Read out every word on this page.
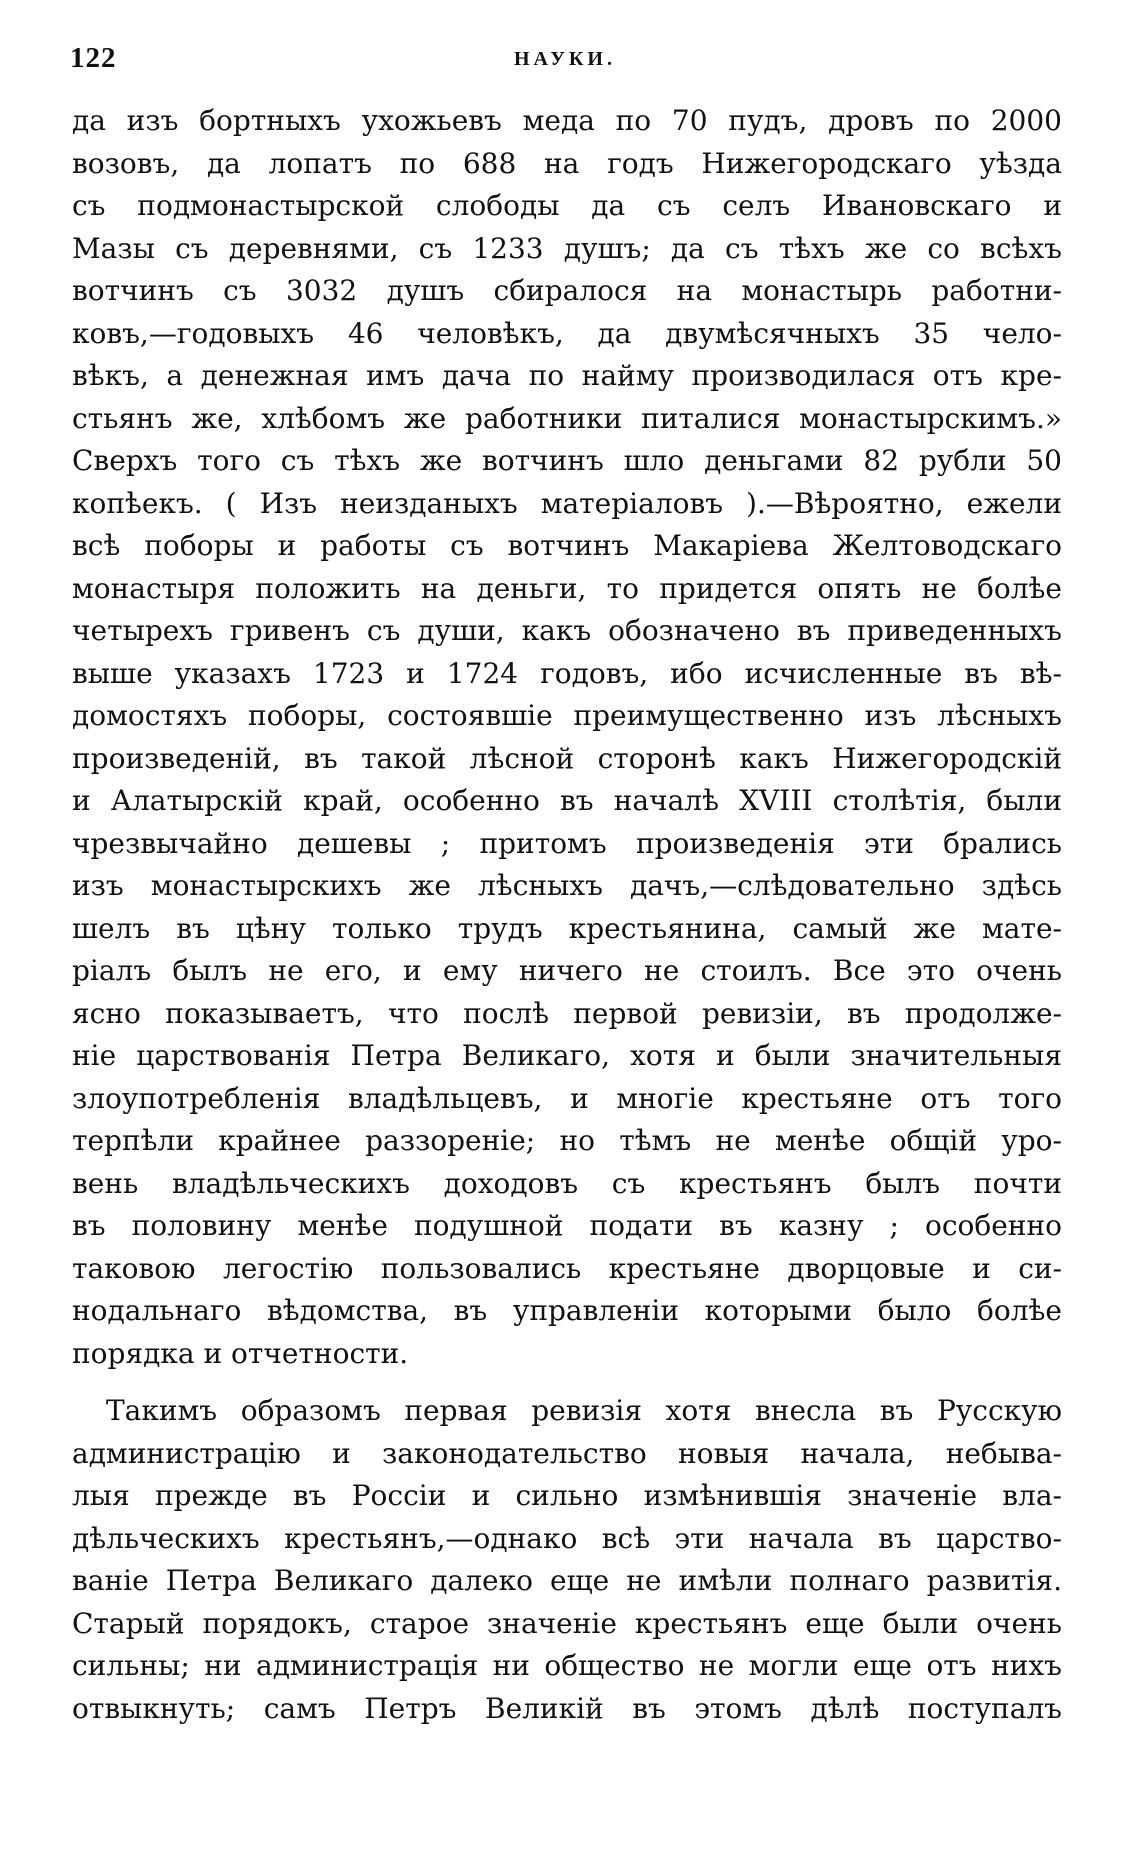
122	НАУКИ.
да изъ бортныхъ ухожьевъ меда по 70 пудъ, дровъ по 2000
возовъ, да лопатъ по 688 на годъ Нижегородскаго уѣзда
съ подмонастырской слободы да съ селъ Ивановскаго и
Мазы съ деревнями, съ 1233 душъ; да съ тѣхъ же со всѣхъ
вотчинъ съ 3032 душъ сбиралося на монастырь работни-
ковъ,—годовыхъ 46 человѣкъ, да двумѣсячныхъ 35 чело-
вѣкъ, а денежная имъ дача по найму производилася отъ кре-
стьянъ же, хлѣбомъ же работники питалися монастырскимъ.»
Сверхъ того съ тѣхъ же вотчинъ шло деньгами 82 рубли 50
копѣекъ. ( Изъ неизданыхъ матеріаловъ ).—Вѣроятно, ежели
всѣ поборы и работы съ вотчинъ Макаріева Желтоводскаго
монастыря положить на деньги, то придется опять не болѣе
четырехъ гривенъ съ души, какъ обозначено въ приведенныхъ
выше указахъ 1723 и 1724 годовъ, ибо исчисленные въ вѣ-
домостяхъ поборы, состоявшіе преимущественно изъ лѣсныхъ
произведеній, въ такой лѣсной сторонѣ какъ Нижегородскій
и Алатырскій край, особенно въ началѣ XVIII столѣтія, были
чрезвычайно дешевы ; притомъ произведенія эти брались
изъ монастырскихъ же лѣсныхъ дачъ,—слѣдовательно здѣсь
шелъ въ цѣну только трудъ крестьянина, самый же мате-
ріалъ былъ не его, и ему ничего не стоилъ. Все это очень
ясно показываетъ, что послѣ первой ревизіи, въ продолже-
ніе царствованія Петра Великаго, хотя и были значительныя
злоупотребленія владѣльцевъ, и многіе крестьяне отъ того
терпѣли крайнее раззореніе; но тѣмъ не менѣе общій уро-
вень владѣльческихъ доходовъ съ крестьянъ былъ почти
въ половину менѣе подушной подати въ казну ; особенно
таковою легостію пользовались крестьяне дворцовые и си-
нодальнаго вѣдомства, въ управленіи которыми было болѣе
порядка и отчетности.
Такимъ образомъ первая ревизія хотя внесла въ Русскую
администрацію и законодательство новыя начала, небыва-
лыя прежде въ Россіи и сильно измѣнившія значеніе вла-
дѣльческихъ крестьянъ,—однако всѣ эти начала въ царство-
ваніе Петра Великаго далеко еще не имѣли полнаго развитія.
Старый порядокъ, старое значеніе крестьянъ еще были очень
сильны; ни администрація ни общество не могли еще отъ нихъ
отвыкнуть; самъ Петръ Великій въ этомъ дѣлѣ поступалъ
